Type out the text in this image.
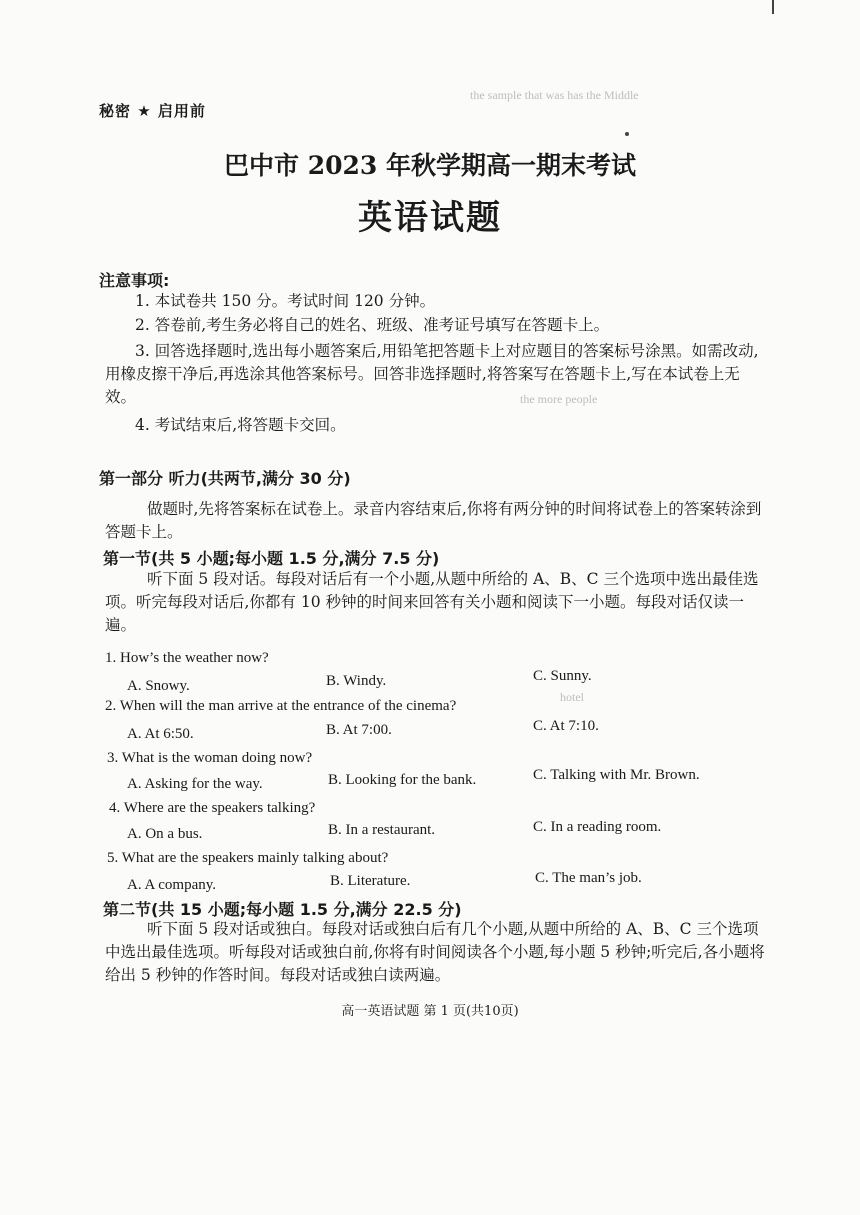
the sample that was has the Middle
the more people
hotel
秘密 ★ 启用前
巴中市 2023 年秋学期高一期末考试
英语试题
注意事项:
1. 本试卷共 150 分。考试时间 120 分钟。
2. 答卷前,考生务必将自己的姓名、班级、准考证号填写在答题卡上。
3. 回答选择题时,选出每小题答案后,用铅笔把答题卡上对应题目的答案标号涂黑。如需改动,用橡皮擦干净后,再选涂其他答案标号。回答非选择题时,将答案写在答题卡上,写在本试卷上无效。
4. 考试结束后,将答题卡交回。
第一部分 听力(共两节,满分 30 分)
做题时,先将答案标在试卷上。录音内容结束后,你将有两分钟的时间将试卷上的答案转涂到答题卡上。
第一节(共 5 小题;每小题 1.5 分,满分 7.5 分)
听下面 5 段对话。每段对话后有一个小题,从题中所给的 A、B、C 三个选项中选出最佳选项。听完每段对话后,你都有 10 秒钟的时间来回答有关小题和阅读下一小题。每段对话仅读一遍。
1. How’s the weather now?
A. Snowy.	B. Windy.	C. Sunny.
2. When will the man arrive at the entrance of the cinema?
A. At 6:50.	B. At 7:00.	C. At 7:10.
3. What is the woman doing now?
A. Asking for the way.	B. Looking for the bank.	C. Talking with Mr. Brown.
4. Where are the speakers talking?
A. On a bus.	B. In a restaurant.	C. In a reading room.
5. What are the speakers mainly talking about?
A. A company.	B. Literature.	C. The man’s job.
第二节(共 15 小题;每小题 1.5 分,满分 22.5 分)
听下面 5 段对话或独白。每段对话或独白后有几个小题,从题中所给的 A、B、C 三个选项中选出最佳选项。听每段对话或独白前,你将有时间阅读各个小题,每小题 5 秒钟;听完后,各小题将给出 5 秒钟的作答时间。每段对话或独白读两遍。
高一英语试题 第 1 页(共10页)
